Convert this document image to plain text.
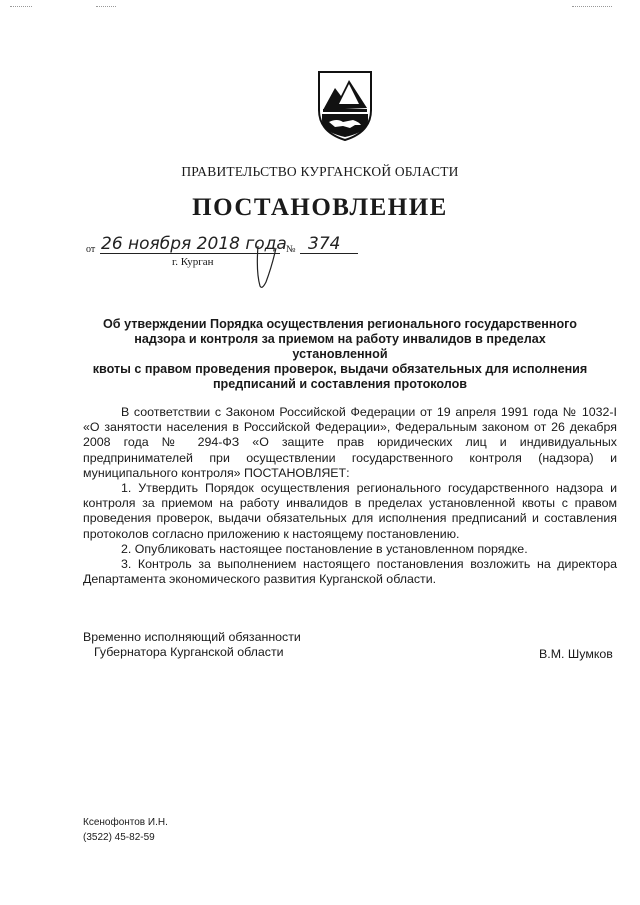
ПРАВИТЕЛЬСТВО КУРГАНСКОЙ ОБЛАСТИ
ПОСТАНОВЛЕНИЕ
от 26 ноября 2018 года № 374
г. Курган
Об утверждении Порядка осуществления регионального государственного
надзора и контроля за приемом на работу инвалидов в пределах установленной
квоты с правом проведения проверок, выдачи обязательных для исполнения
предписаний и составления протоколов

В соответствии с Законом Российской Федерации от 19 апреля 1991 года № 1032-I «О занятости населения в Российской Федерации», Федеральным законом от 26 декабря 2008 года № 294-ФЗ «О защите прав юридических лиц и индивидуальных предпринимателей при осуществлении государственного контроля (надзора) и муниципального контроля» ПОСТАНОВЛЯЕТ:

1. Утвердить Порядок осуществления регионального государственного надзора и контроля за приемом на работу инвалидов в пределах установленной квоты с правом проведения проверок, выдачи обязательных для исполнения предписаний и составления протоколов согласно приложению к настоящему постановлению.

2. Опубликовать настоящее постановление в установленном порядке.

3. Контроль за выполнением настоящего постановления возложить на директора Департамента экономического развития Курганской области.

Временно исполняющий обязанности
Губернатора Курганской области	В.М. Шумков
Ксенофонтов И.Н.
(3522) 45-82-59
